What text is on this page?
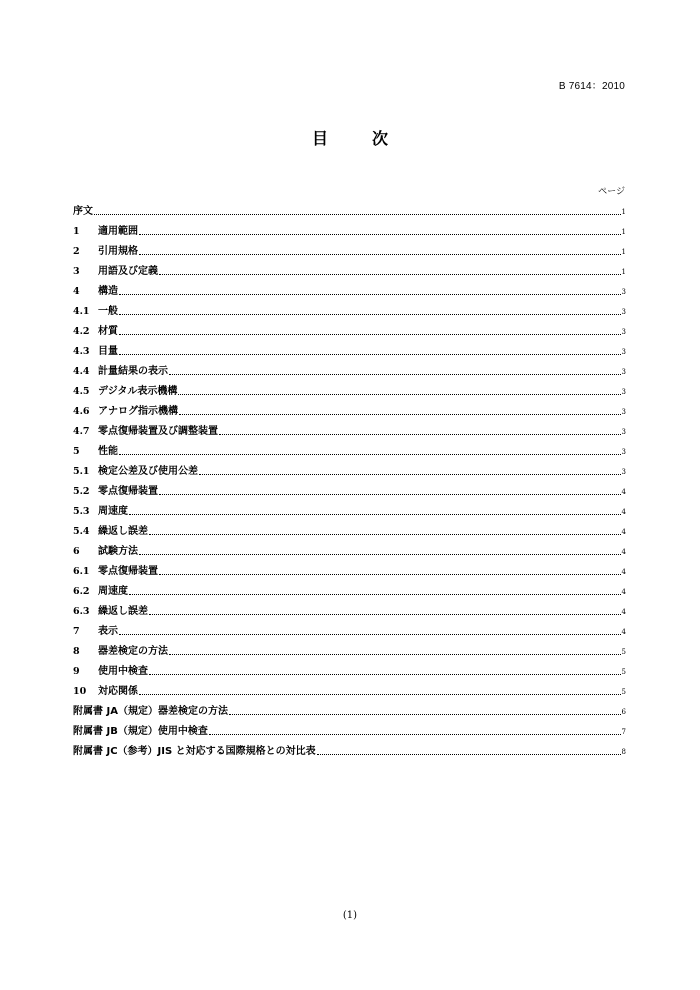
B 7614：2010
目　次
ページ
序文	1
1	適用範囲	1
2	引用規格	1
3	用語及び定義	1
4	構造	3
4.1 一般	3
4.2 材質	3
4.3 目量	3
4.4 計量結果の表示	3
4.5 デジタル表示機構	3
4.6 アナログ指示機構	3
4.7 零点復帰装置及び調整装置	3
5	性能	3
5.1 検定公差及び使用公差	3
5.2 零点復帰装置	4
5.3 周速度	4
5.4 繰返し誤差	4
6	試験方法	4
6.1 零点復帰装置	4
6.2 周速度	4
6.3 繰返し誤差	4
7	表示	4
8	器差検定の方法	5
9	使用中検査	5
10	対応関係	5
附属書 JA（規定）器差検定の方法	6
附属書 JB（規定）使用中検査	7
附属書 JC（参考）JIS と対応する国際規格との対比表	8
(1)
